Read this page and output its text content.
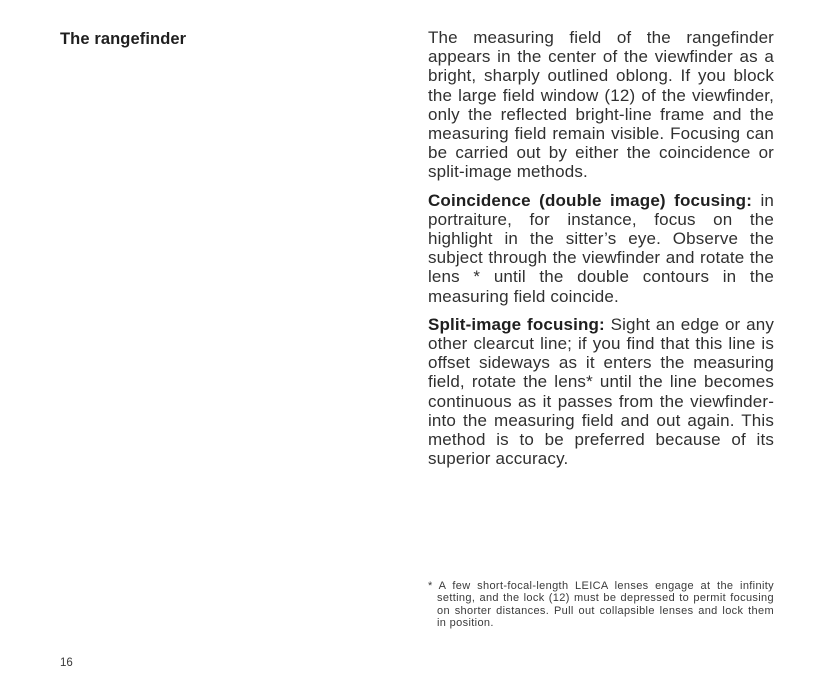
The rangefinder	The measuring field of the rangefinder appears in the center of the viewfinder as a bright, sharply outlined oblong. If you block the large field window (12) of the viewfinder, only the reflected bright-line frame and the measuring field remain visible. Focusing can be carried out by either the coincidence or split-image methods.

Coincidence (double image) focusing: in portraiture, for instance, focus on the highlight in the sitter’s eye. Observe the subject through the viewfinder and rotate the lens * until the double contours in the measuring field coincide.

Split-image focusing: Sight an edge or any other clearcut line; if you find that this line is offset sideways as it enters the measuring field, rotate the lens* until the line becomes continuous as it passes from the viewfinder- into the measuring field and out again. This method is to be preferred because of its superior accuracy.

* A few short-focal-length LEICA lenses engage at the infinity setting, and the lock (12) must be depressed to permit focusing on shorter distances. Pull out collapsible lenses and lock them in position.

16
